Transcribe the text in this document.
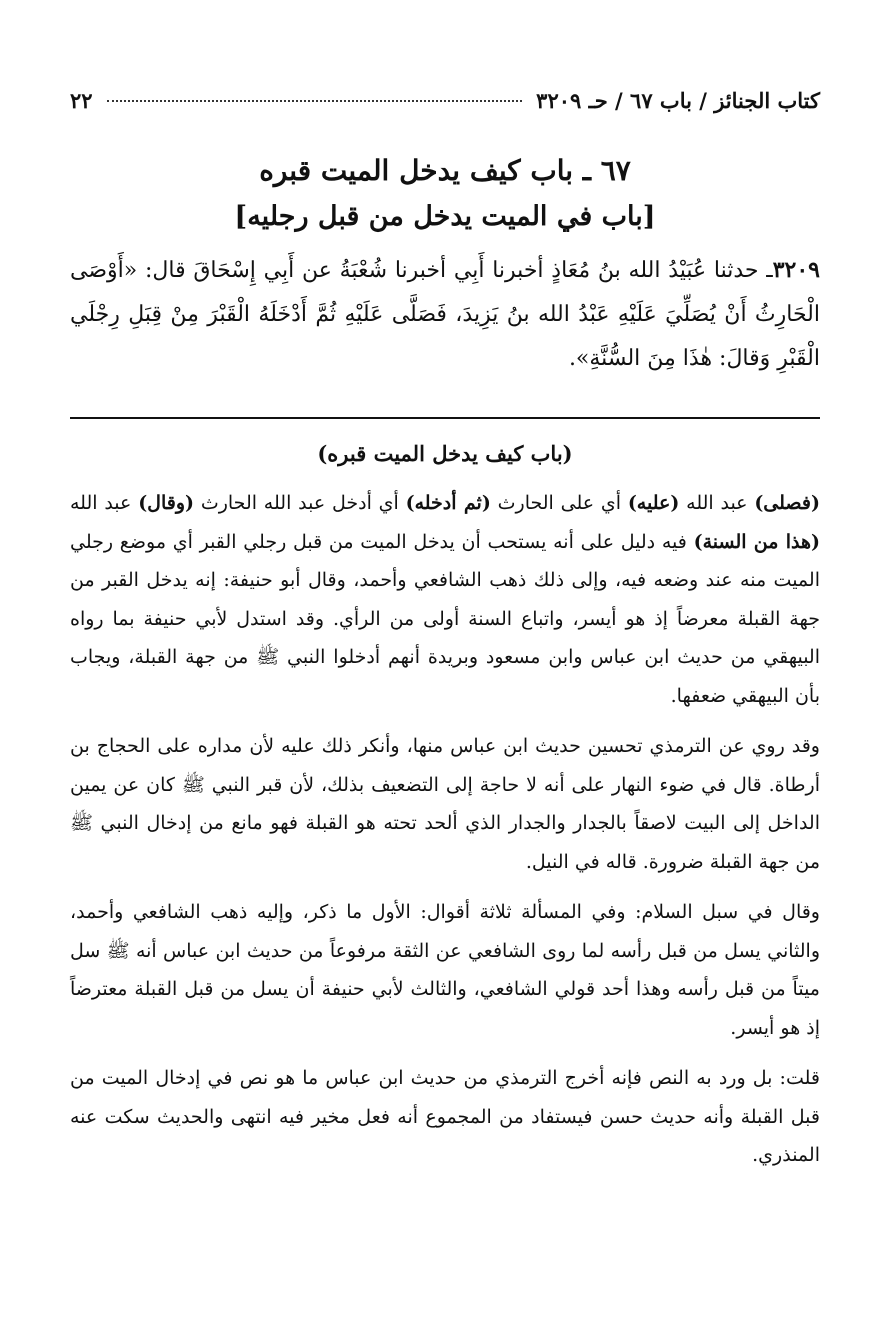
كتاب الجنائز / باب ٦٧ / حـ ٣٢٠٩
٢٢
٦٧ ـ باب كيف يدخل الميت قبره
[باب في الميت يدخل من قبل رجليه]
٣٢٠٩ـ حدثنا عُبَيْدُ الله بنُ مُعَاذٍ أخبرنا أَبِي أخبرنا شُعْبَةُ عن أَبِي إِسْحَاقَ قال: «أَوْصَى الْحَارِثُ أَنْ يُصَلِّيَ عَلَيْهِ عَبْدُ الله بنُ يَزِيدَ، فَصَلَّى عَلَيْهِ ثُمَّ أَدْخَلَهُ الْقَبْرَ مِنْ قِبَلِ رِجْلَي الْقَبْرِ وَقالَ: هٰذَا مِنَ السُّنَّةِ».
(باب كيف يدخل الميت قبره)

(فصلى) عبد الله (عليه) أي على الحارث (ثم أدخله) أي أدخل عبد الله الحارث (وقال) عبد الله (هذا من السنة) فيه دليل على أنه يستحب أن يدخل الميت من قبل رجلي القبر أي موضع رجلي الميت منه عند وضعه فيه، وإلى ذلك ذهب الشافعي وأحمد، وقال أبو حنيفة: إنه يدخل القبر من جهة القبلة معرضاً إذ هو أيسر، واتباع السنة أولى من الرأي. وقد استدل لأبي حنيفة بما رواه البيهقي من حديث ابن عباس وابن مسعود وبريدة أنهم أدخلوا النبي ﷺ من جهة القبلة، ويجاب بأن البيهقي ضعفها.

وقد روي عن الترمذي تحسين حديث ابن عباس منها، وأنكر ذلك عليه لأن مداره على الحجاج بن أرطاة. قال في ضوء النهار على أنه لا حاجة إلى التضعيف بذلك، لأن قبر النبي ﷺ كان عن يمين الداخل إلى البيت لاصقاً بالجدار والجدار الذي ألحد تحته هو القبلة فهو مانع من إدخال النبي ﷺ من جهة القبلة ضرورة. قاله في النيل.

وقال في سبل السلام: وفي المسألة ثلاثة أقوال: الأول ما ذكر، وإليه ذهب الشافعي وأحمد، والثاني يسل من قبل رأسه لما روى الشافعي عن الثقة مرفوعاً من حديث ابن عباس أنه ﷺ سل ميتاً من قبل رأسه وهذا أحد قولي الشافعي، والثالث لأبي حنيفة أن يسل من قبل القبلة معترضاً إذ هو أيسر.

قلت: بل ورد به النص فإنه أخرج الترمذي من حديث ابن عباس ما هو نص في إدخال الميت من قبل القبلة وأنه حديث حسن فيستفاد من المجموع أنه فعل مخير فيه انتهى والحديث سكت عنه المنذري.
